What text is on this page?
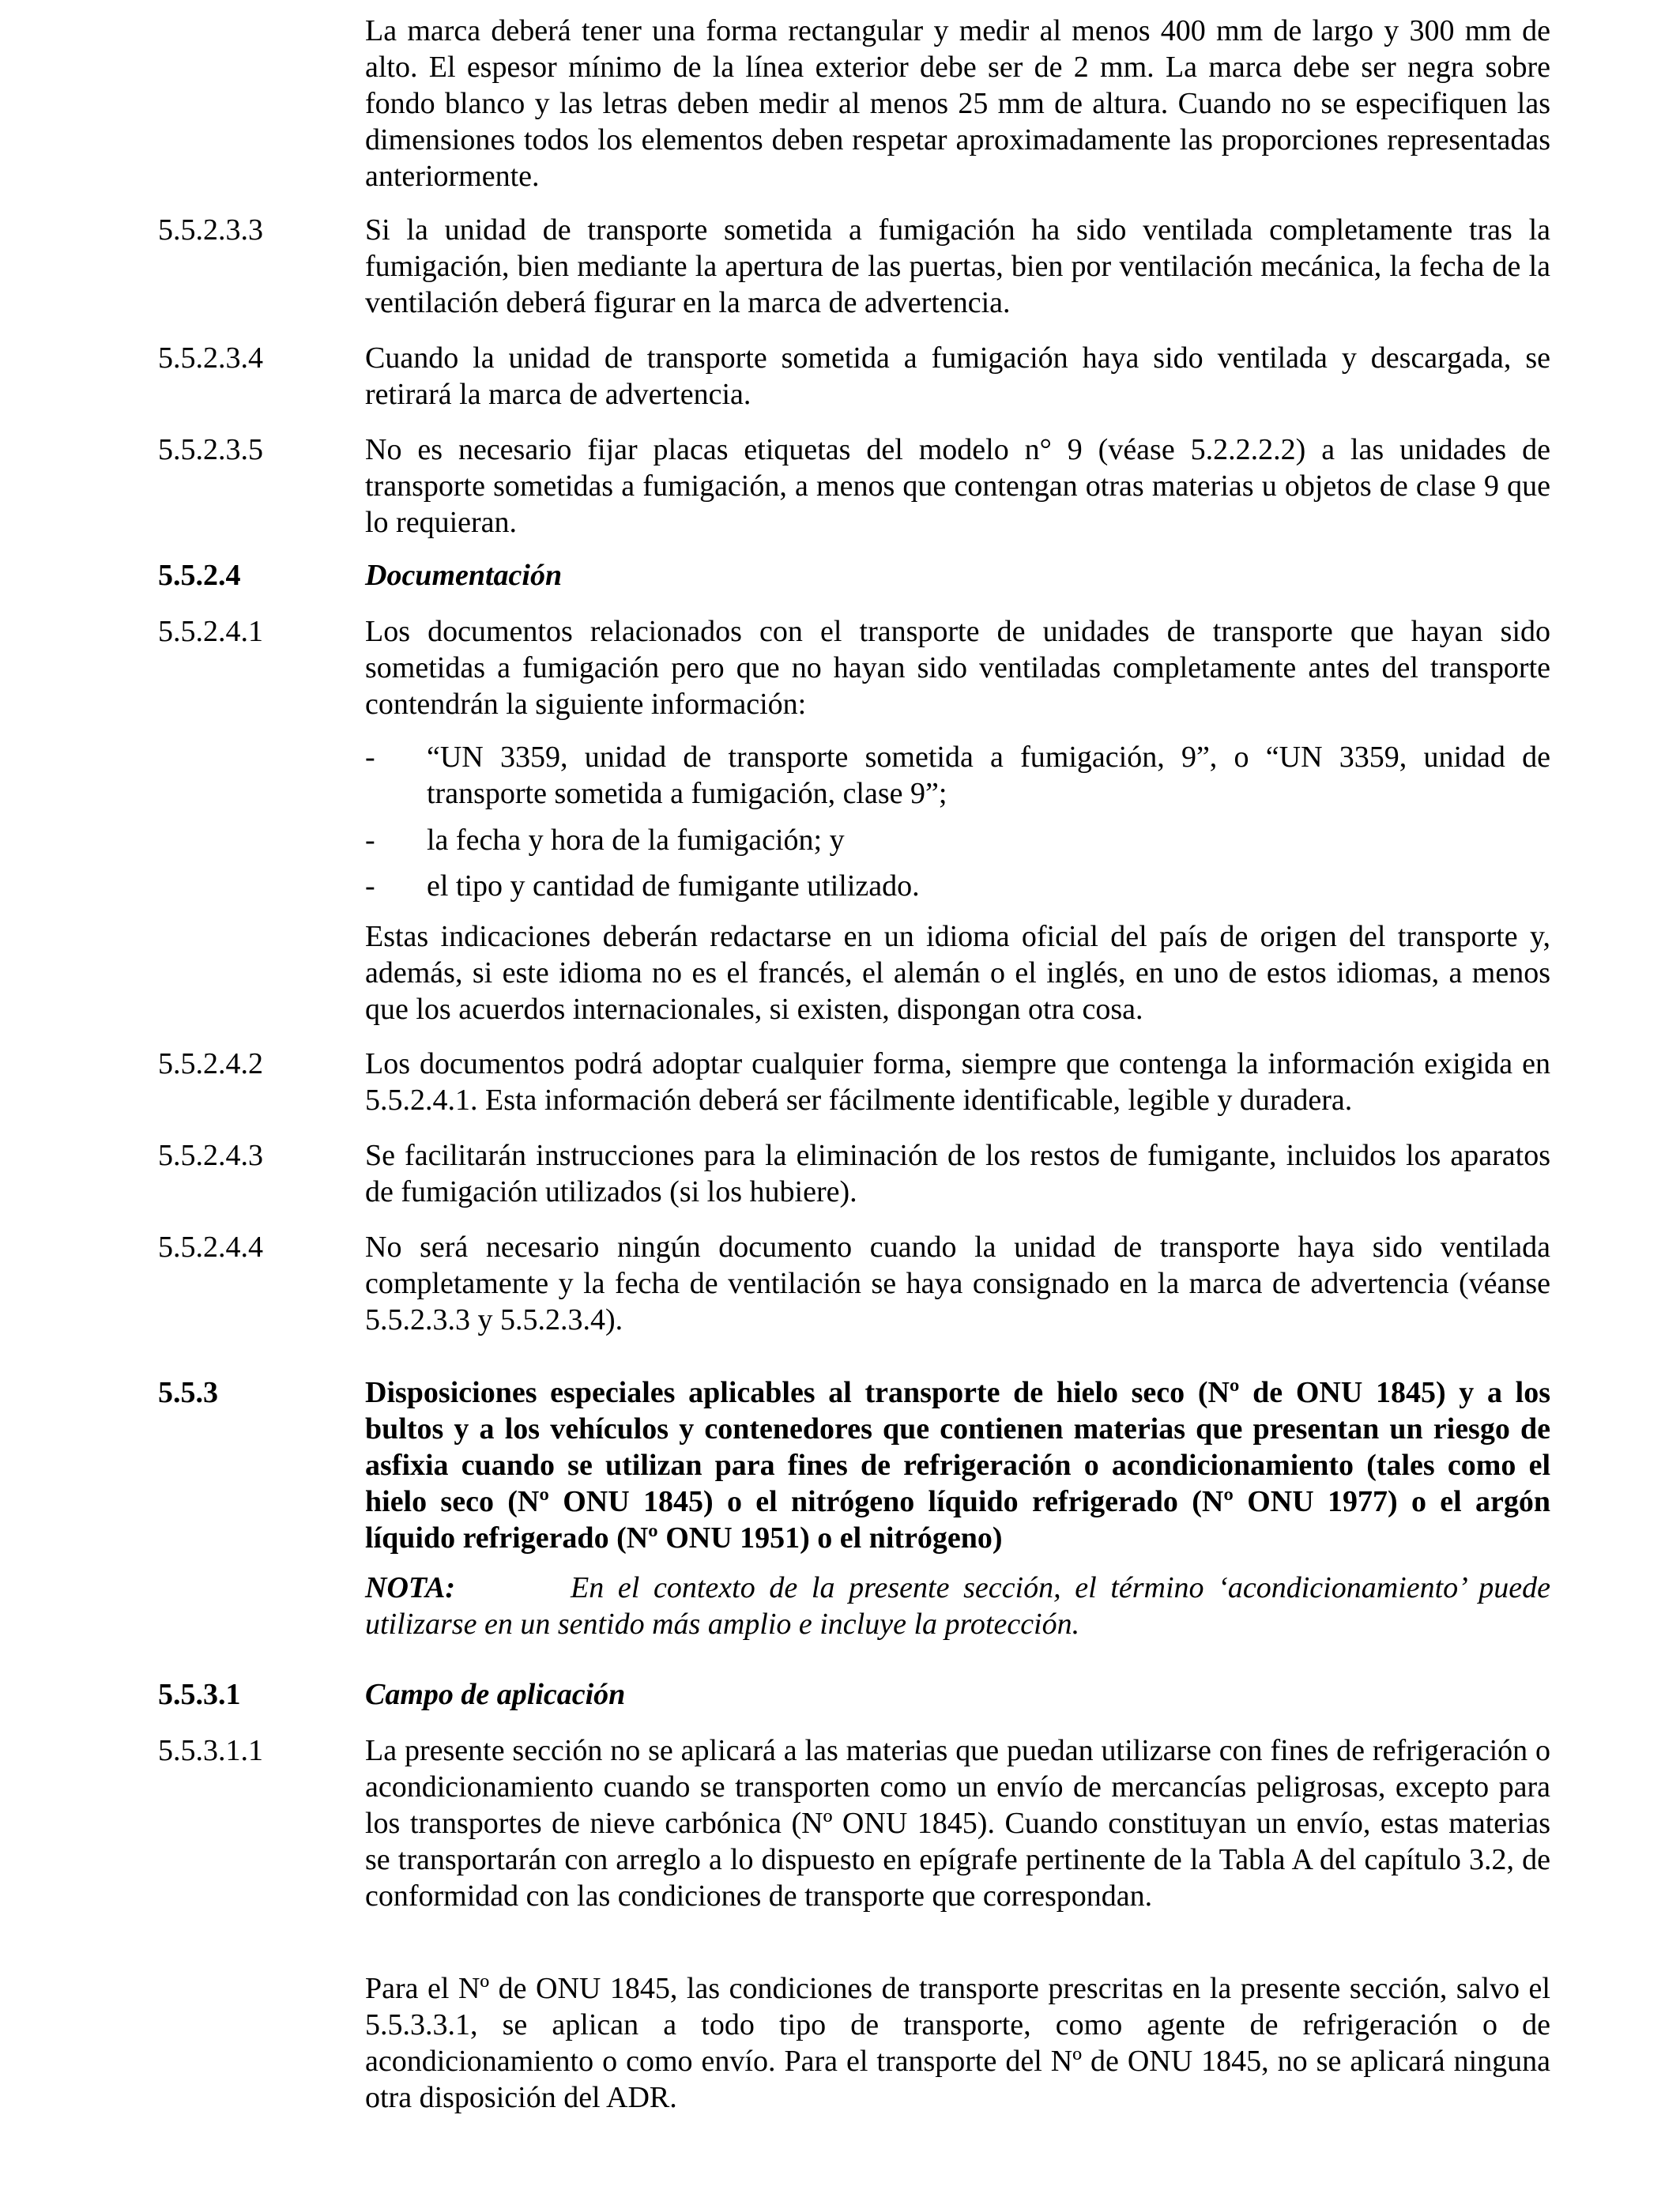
La marca deberá tener una forma rectangular y medir al menos 400 mm de largo y 300 mm de alto. El espesor mínimo de la línea exterior debe ser de 2 mm. La marca debe ser negra sobre fondo blanco y las letras deben medir al menos 25 mm de altura. Cuando no se especifiquen las dimensiones todos los elementos deben respetar aproximadamente las proporciones representadas anteriormente.
5.5.2.3.3	Si la unidad de transporte sometida a fumigación ha sido ventilada completamente tras la fumigación, bien mediante la apertura de las puertas, bien por ventilación mecánica, la fecha de la ventilación deberá figurar en la marca de advertencia.
5.5.2.3.4	Cuando la unidad de transporte sometida a fumigación haya sido ventilada y descargada, se retirará la marca de advertencia.
5.5.2.3.5	No es necesario fijar placas etiquetas del modelo n° 9 (véase 5.2.2.2.2) a las unidades de transporte sometidas a fumigación, a menos que contengan otras materias u objetos de clase 9 que lo requieran.
5.5.2.4	Documentación
5.5.2.4.1	Los documentos relacionados con el transporte de unidades de transporte que hayan sido sometidas a fumigación pero que no hayan sido ventiladas completamente antes del transporte contendrán la siguiente información:
- “UN 3359, unidad de transporte sometida a fumigación, 9”, o “UN 3359, unidad de transporte sometida a fumigación, clase 9”;
- la fecha y hora de la fumigación; y
- el tipo y cantidad de fumigante utilizado.
Estas indicaciones deberán redactarse en un idioma oficial del país de origen del transporte y, además, si este idioma no es el francés, el alemán o el inglés, en uno de estos idiomas, a menos que los acuerdos internacionales, si existen, dispongan otra cosa.
5.5.2.4.2	Los documentos podrá adoptar cualquier forma, siempre que contenga la información exigida en 5.5.2.4.1. Esta información deberá ser fácilmente identificable, legible y duradera.
5.5.2.4.3	Se facilitarán instrucciones para la eliminación de los restos de fumigante, incluidos los aparatos de fumigación utilizados (si los hubiere).
5.5.2.4.4	No será necesario ningún documento cuando la unidad de transporte haya sido ventilada completamente y la fecha de ventilación se haya consignado en la marca de advertencia (véanse 5.5.2.3.3 y 5.5.2.3.4).
5.5.3	Disposiciones especiales aplicables al transporte de hielo seco (Nº de ONU 1845) y a los bultos y a los vehículos y contenedores que contienen materias que presentan un riesgo de asfixia cuando se utilizan para fines de refrigeración o acondicionamiento (tales como el hielo seco (Nº ONU 1845) o el nitrógeno líquido refrigerado (Nº ONU 1977) o el argón líquido refrigerado (Nº ONU 1951) o el nitrógeno)
NOTA:	En el contexto de la presente sección, el término ‘acondicionamiento’ puede utilizarse en un sentido más amplio e incluye la protección.
5.5.3.1	Campo de aplicación
5.5.3.1.1	La presente sección no se aplicará a las materias que puedan utilizarse con fines de refrigeración o acondicionamiento cuando se transporten como un envío de mercancías peligrosas, excepto para los transportes de nieve carbónica (Nº ONU 1845). Cuando constituyan un envío, estas materias se transportarán con arreglo a lo dispuesto en epígrafe pertinente de la Tabla A del capítulo 3.2, de conformidad con las condiciones de transporte que correspondan.
Para el Nº de ONU 1845, las condiciones de transporte prescritas en la presente sección, salvo el 5.5.3.3.1, se aplican a todo tipo de transporte, como agente de refrigeración o de acondicionamiento o como envío. Para el transporte del Nº de ONU 1845, no se aplicará ninguna otra disposición del ADR.
